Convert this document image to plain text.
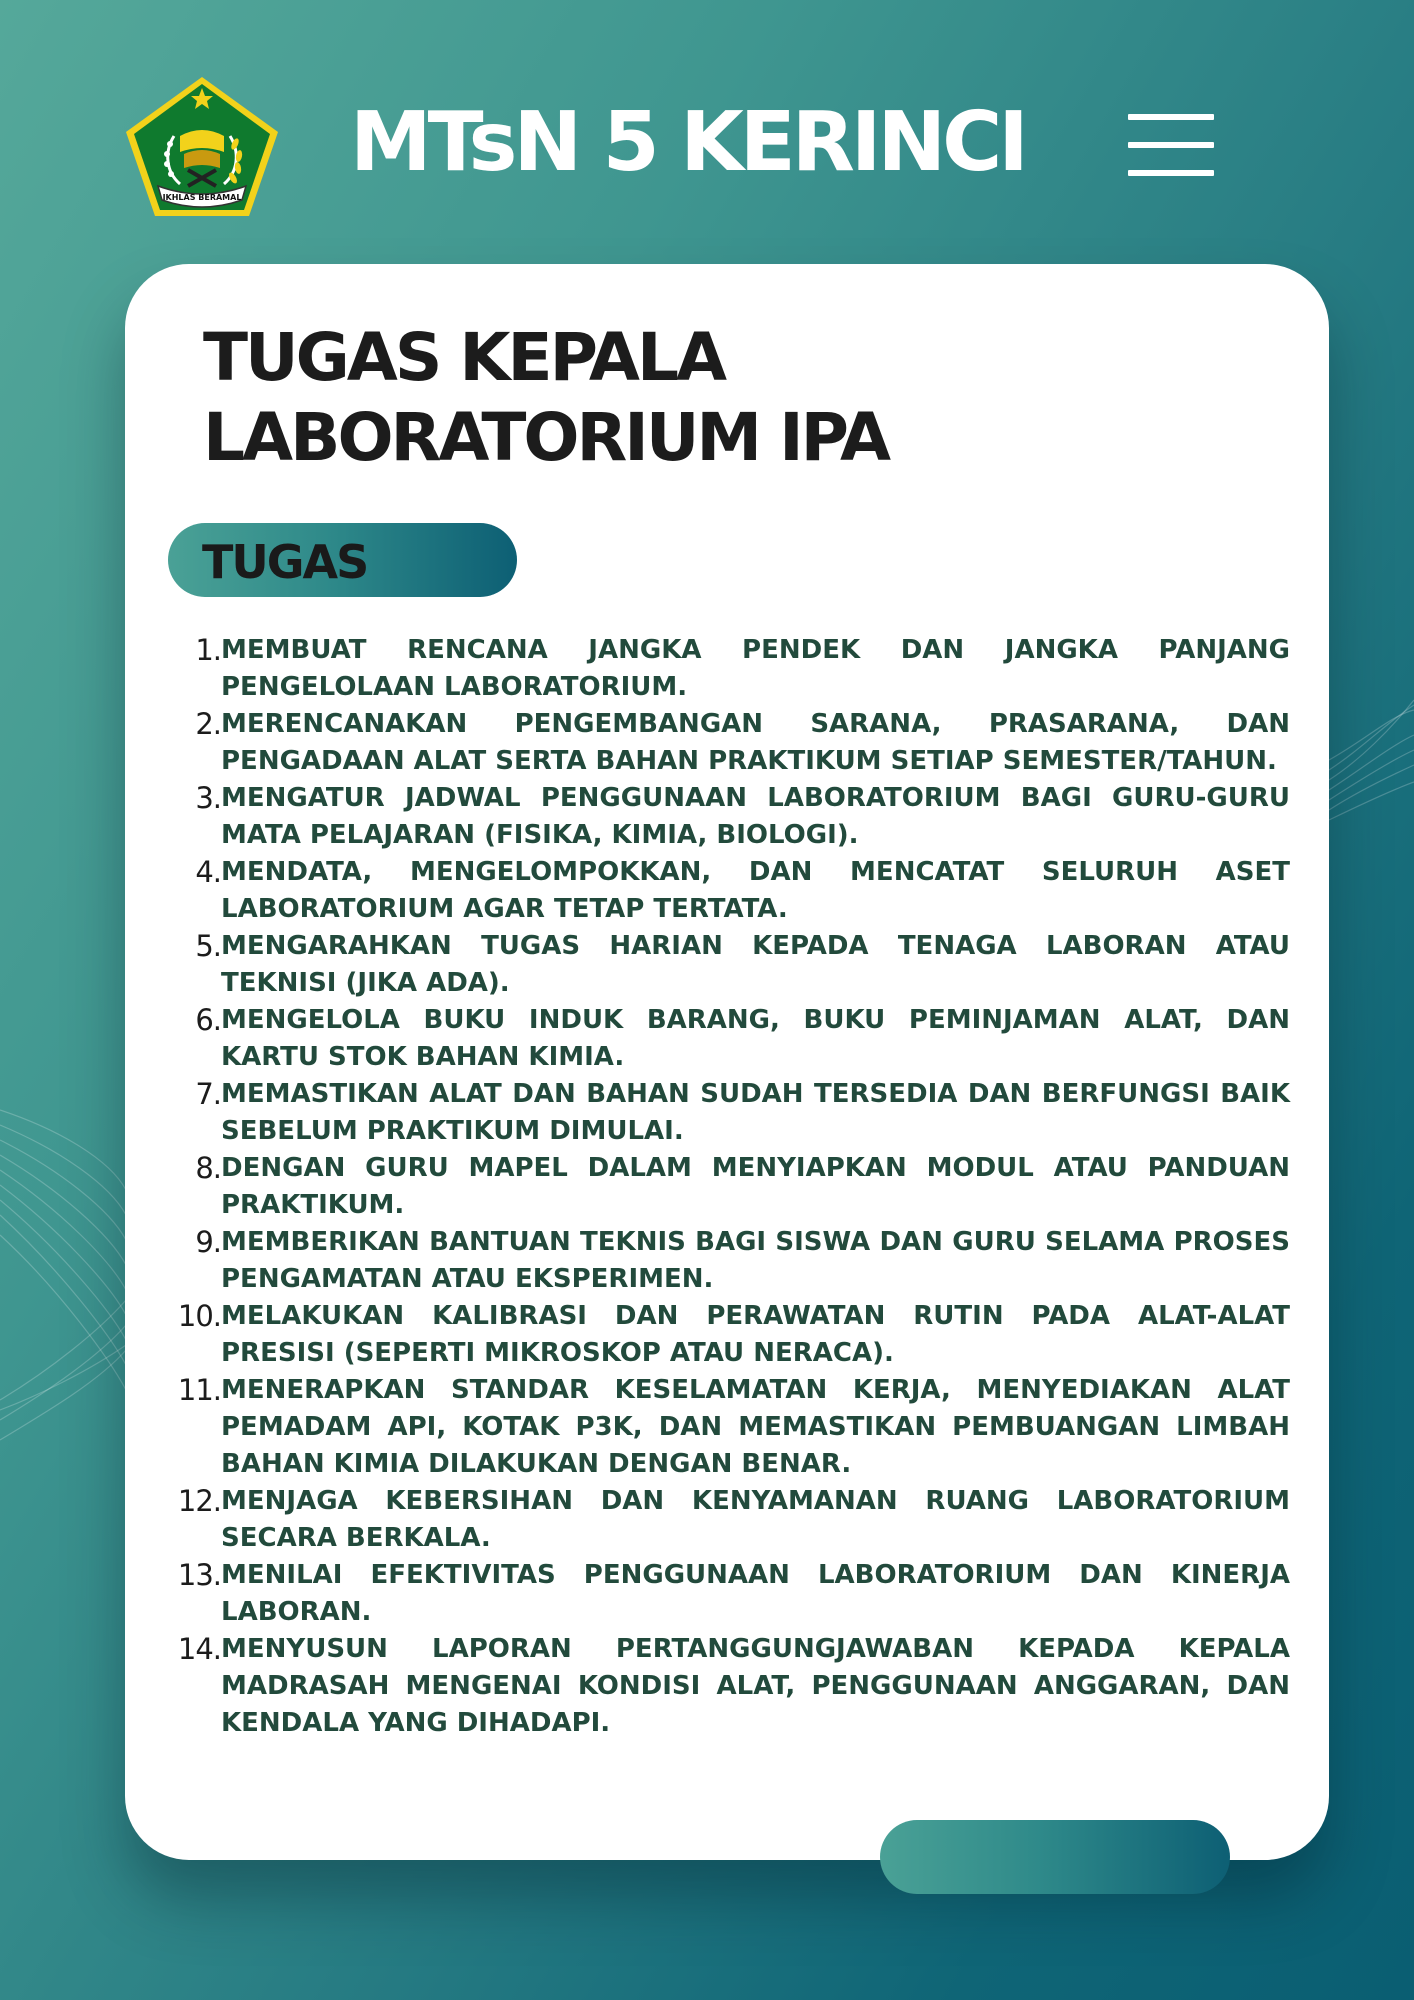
IKHLAS BERAMAL
MTsN 5 KERINCI
TUGAS KEPALA
LABORATORIUM IPA
TUGAS
1. MEMBUAT RENCANA JANGKA PENDEK DAN JANGKA PANJANG PENGELOLAAN LABORATORIUM.
2. MERENCANAKAN PENGEMBANGAN SARANA, PRASARANA, DAN PENGADAAN ALAT SERTA BAHAN PRAKTIKUM SETIAP SEMESTER/TAHUN.
3. MENGATUR JADWAL PENGGUNAAN LABORATORIUM BAGI GURU-GURU MATA PELAJARAN (FISIKA, KIMIA, BIOLOGI).
4. MENDATA, MENGELOMPOKKAN, DAN MENCATAT SELURUH ASET LABORATORIUM AGAR TETAP TERTATA.
5. MENGARAHKAN TUGAS HARIAN KEPADA TENAGA LABORAN ATAU TEKNISI (JIKA ADA).
6. MENGELOLA BUKU INDUK BARANG, BUKU PEMINJAMAN ALAT, DAN KARTU STOK BAHAN KIMIA.
7. MEMASTIKAN ALAT DAN BAHAN SUDAH TERSEDIA DAN BERFUNGSI BAIK SEBELUM PRAKTIKUM DIMULAI.
8. DENGAN GURU MAPEL DALAM MENYIAPKAN MODUL ATAU PANDUAN PRAKTIKUM.
9. MEMBERIKAN BANTUAN TEKNIS BAGI SISWA DAN GURU SELAMA PROSES PENGAMATAN ATAU EKSPERIMEN.
10. MELAKUKAN KALIBRASI DAN PERAWATAN RUTIN PADA ALAT-ALAT PRESISI (SEPERTI MIKROSKOP ATAU NERACA).
11. MENERAPKAN STANDAR KESELAMATAN KERJA, MENYEDIAKAN ALAT PEMADAM API, KOTAK P3K, DAN MEMASTIKAN PEMBUANGAN LIMBAH BAHAN KIMIA DILAKUKAN DENGAN BENAR.
12. MENJAGA KEBERSIHAN DAN KENYAMANAN RUANG LABORATORIUM SECARA BERKALA.
13. MENILAI EFEKTIVITAS PENGGUNAAN LABORATORIUM DAN KINERJA LABORAN.
14. MENYUSUN LAPORAN PERTANGGUNGJAWABAN KEPADA KEPALA MADRASAH MENGENAI KONDISI ALAT, PENGGUNAAN ANGGARAN, DAN KENDALA YANG DIHADAPI.
